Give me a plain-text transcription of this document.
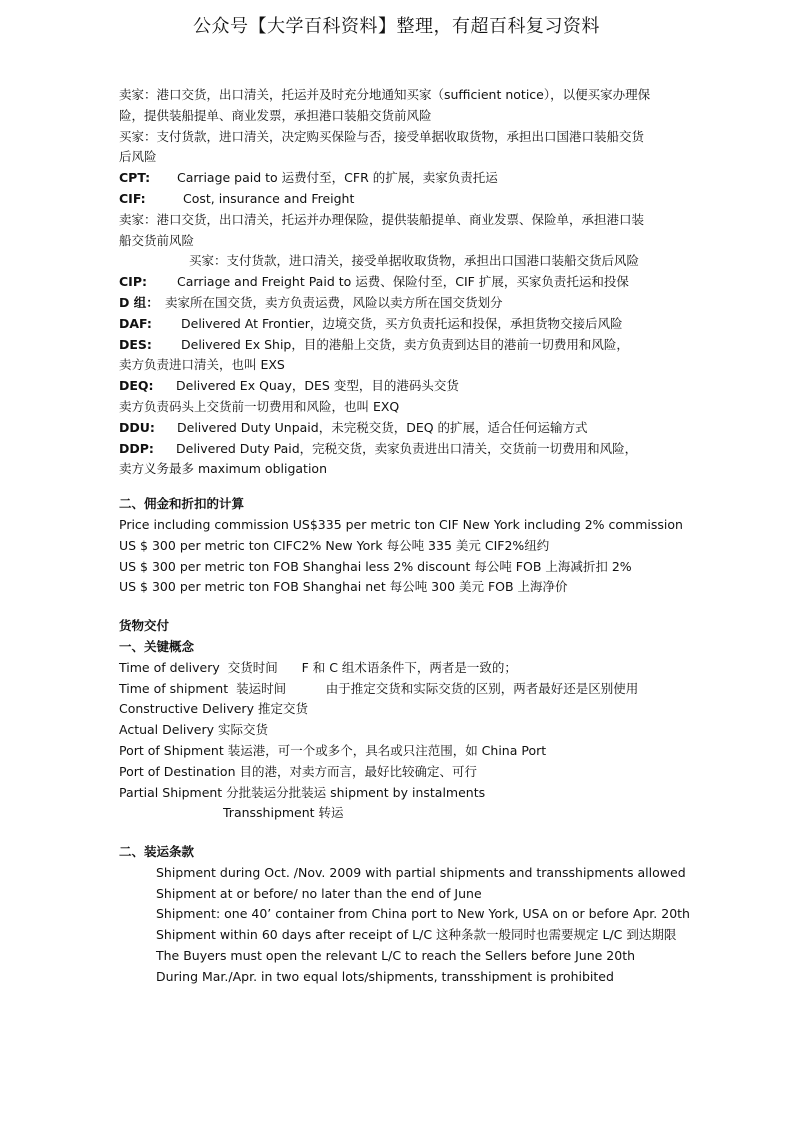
公众号【大学百科资料】整理，有超百科复习资料
卖家：港口交货，出口清关，托运并及时充分地通知买家（sufficient notice），以便买家办理保
险，提供装船提单、商业发票，承担港口装船交货前风险
买家：支付货款，进口清关，决定购买保险与否，接受单据收取货物，承担出口国港口装船交货
后风险
CPT: Carriage paid to 运费付至，CFR 的扩展，卖家负责托运
CIF:	Cost, insurance and Freight
卖家：港口交货，出口清关，托运并办理保险，提供装船提单、商业发票、保险单，承担港口装
船交货前风险
买家：支付货款，进口清关，接受单据收取货物，承担出口国港口装船交货后风险
CIP: Carriage and Freight Paid to 运费、保险付至，CIF 扩展，买家负责托运和投保
D 组： 卖家所在国交货，卖方负责运费，风险以卖方所在国交货划分
DAF: Delivered At Frontier，边境交货，买方负责托运和投保，承担货物交接后风险
DES: Delivered Ex Ship，目的港船上交货，卖方负责到达目的港前一切费用和风险，
卖方负责进口清关，也叫 EXS
DEQ: Delivered Ex Quay，DES 变型，目的港码头交货
卖方负责码头上交货前一切费用和风险，也叫 EXQ
DDU: Delivered Duty Unpaid，未完税交货，DEQ 的扩展，适合任何运输方式
DDP: Delivered Duty Paid，完税交货，卖家负责进出口清关，交货前一切费用和风险，
卖方义务最多 maximum obligation
二、佣金和折扣的计算
Price including commission US$335 per metric ton CIF New York including 2% commission
US $ 300 per metric ton CIFC2% New York 每公吨 335 美元 CIF2%纽约
US $ 300 per metric ton FOB Shanghai less 2% discount 每公吨 FOB 上海减折扣 2%
US $ 300 per metric ton FOB Shanghai net 每公吨 300 美元 FOB 上海净价
货物交付
一、关键概念
Time of delivery  交货时间      F 和 C 组术语条件下，两者是一致的；
Time of shipment  装运时间          由于推定交货和实际交货的区别，两者最好还是区别使用
Constructive Delivery 推定交货
Actual Delivery 实际交货
Port of Shipment 装运港，可一个或多个，具名或只注范围，如 China Port
Port of Destination 目的港，对卖方而言，最好比较确定、可行
Partial Shipment 分批装运分批装运 shipment by instalments
Transshipment 转运
二、装运条款
Shipment during Oct. /Nov. 2009 with partial shipments and transshipments allowed
Shipment at or before/ no later than the end of June
Shipment: one 40’ container from China port to New York, USA on or before Apr. 20th
Shipment within 60 days after receipt of L/C 这种条款一般同时也需要规定 L/C 到达期限
The Buyers must open the relevant L/C to reach the Sellers before June 20th
During Mar./Apr. in two equal lots/shipments, transshipment is prohibited
